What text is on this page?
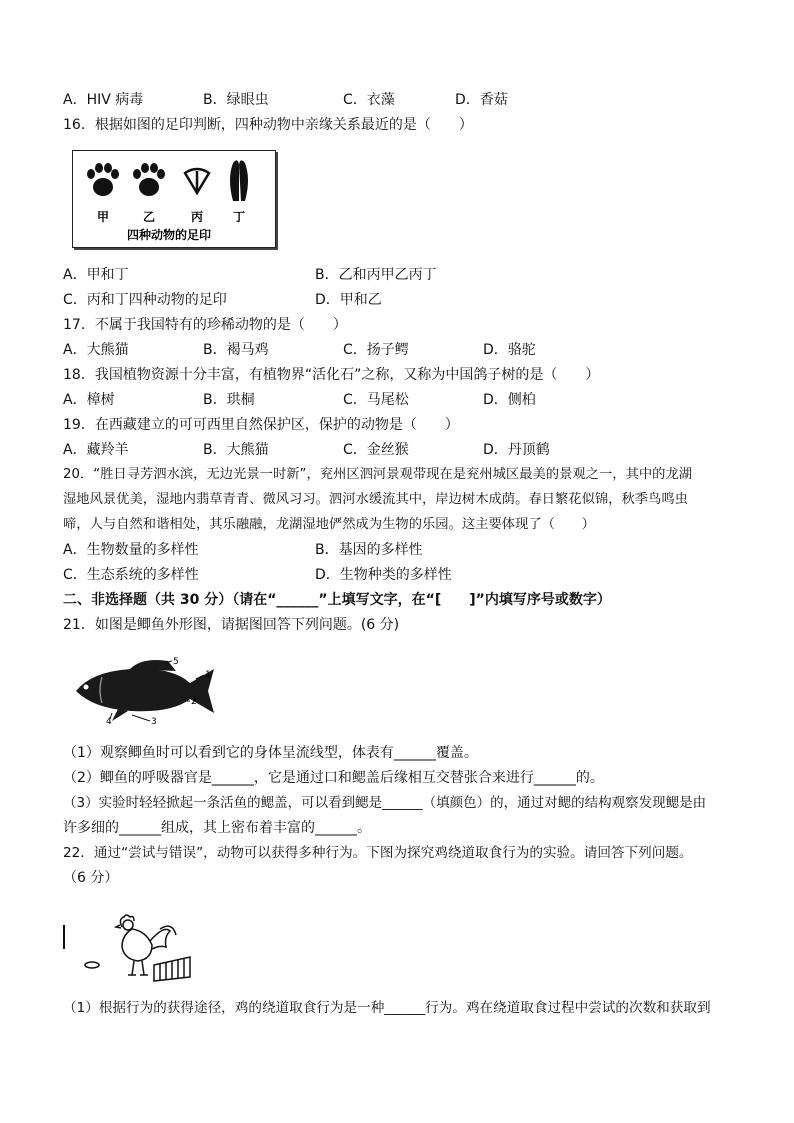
A．HIV 病毒	B．绿眼虫	C．衣藻	D．香菇
16．根据如图的足印判断，四种动物中亲缘关系最近的是（　　）
甲	乙	丙 丁
四种动物的足印
A．甲和丁	B．乙和丙甲乙丙丁
C．丙和丁四种动物的足印	D．甲和乙
17．不属于我国特有的珍稀动物的是（　　）
A．大熊猫	B．褐马鸡	C．扬子鳄	D．骆驼
18．我国植物资源十分丰富，有植物界“活化石”之称，又称为中国鸽子树的是（　　）
A．樟树	B．珙桐	C．马尾松	D．侧柏
19．在西藏建立的可可西里自然保护区，保护的动物是（　　）
A．藏羚羊	B．大熊猫	C．金丝猴	D．丹顶鹤
20．“胜日寻芳泗水滨，无边光景一时新”，兖州区泗河景观带现在是兖州城区最美的景观之一，其中的龙湖
湿地风景优美，湿地内翡草青青、微风习习。泗河水缓流其中，岸边树木成荫。春日繁花似锦，秋季鸟鸣虫
啼，人与自然和谐相处，其乐融融，龙湖湿地俨然成为生物的乐园。这主要体现了（　　）
A．生物数量的多样性	B．基因的多样性
C．生态系统的多样性	D．生物种类的多样性
二、非选择题（共 30 分）（请在“______”上填写文字，在“[　　]”内填写序号或数字）
21．如图是鲫鱼外形图，请据图回答下列问题。(6 分)
5
1
2
3
4
（1）观察鲫鱼时可以看到它的身体呈流线型，体表有______覆盖。
（2）鲫鱼的呼吸器官是______，它是通过口和鳃盖后缘相互交替张合来进行______的。
（3）实验时轻轻掀起一条活鱼的鳃盖，可以看到鳃是______（填颜色）的，通过对鳃的结构观察发现鳃是由
许多细的______组成，其上密布着丰富的______。
22．通过“尝试与错误”，动物可以获得多种行为。下图为探究鸡绕道取食行为的实验。请回答下列问题。
（6 分）
（1）根据行为的获得途径，鸡的绕道取食行为是一种______行为。鸡在绕道取食过程中尝试的次数和获取到
